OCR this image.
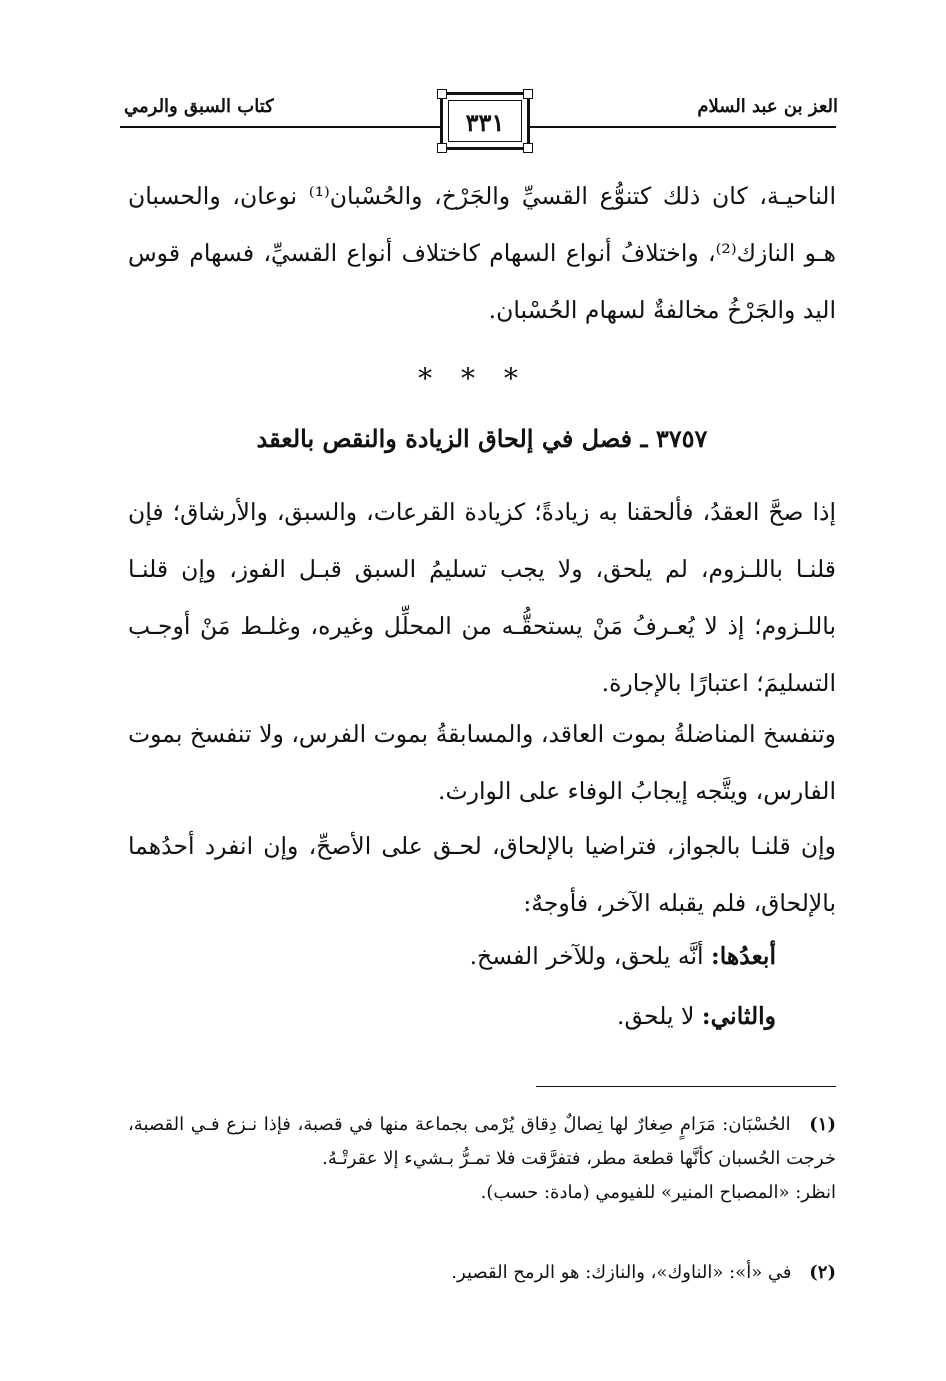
العز بن عبد السلام
كتاب السبق والرمي
٣٣١
الناحيـة، كان ذلك كتنوُّع القسيِّ والجَرْخ، والحُسْبان⁽¹⁾ نوعان، والحسبان هـو النازك⁽²⁾، واختلافُ أنواع السهام كاختلاف أنواع القسيِّ، فسهام قوس اليد والجَرْخُ مخالفةٌ لسهام الحُسْبان.
* * *
٣٧٥٧ ـ فصل في إلحاق الزيادة والنقص بالعقد
إذا صحَّ العقدُ، فألحقنا به زيادةً؛ كزيادة القرعات، والسبق، والأرشاق؛ فإن قلنـا باللـزوم، لم يلحق، ولا يجب تسليمُ السبق قبـل الفوز، وإن قلنـا باللـزوم؛ إذ لا يُعـرفُ مَنْ يستحقُّـه من المحلِّل وغيره، وغلـط مَنْ أوجـب التسليمَ؛ اعتبارًا بالإجارة.
وتنفسخ المناضلةُ بموت العاقد، والمسابقةُ بموت الفرس، ولا تنفسخ بموت الفارس، ويتَّجه إيجابُ الوفاء على الوارث.
وإن قلنـا بالجواز، فتراضيا بالإلحاق، لحـق على الأصحِّ، وإن انفرد أحدُهما بالإلحاق، فلم يقبله الآخر، فأوجهٌ:
أبعدُها: أنَّه يلحق، وللآخر الفسخ.
والثاني: لا يلحق.
(١) الحُسْبَان: مَرَامٍ صِغارٌ لها نِصالٌ دِقاق يُرْمى بجماعة منها في قصبة، فإذا نـزع فـي القصبة، خرجت الحُسبان كأنَّها قطعة مطر، فتفرَّقت فلا تمـرُّ بـشيء إلا عقرتْـهُ.
انظر: «المصباح المنير» للفيومي (مادة: حسب).
(٢) في «أ»: «الناوك»، والنازك: هو الرمح القصير.
